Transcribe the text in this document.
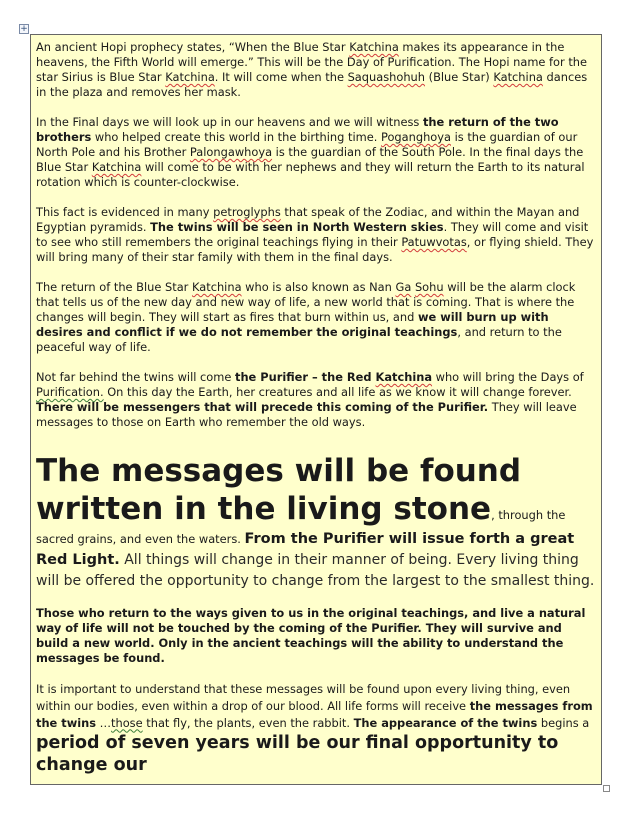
+

An ancient Hopi prophecy states, “When the Blue Star Katchina makes its appearance in the heavens, the Fifth World will emerge.” This will be the Day of Purification. The Hopi name for the star Sirius is Blue Star Katchina. It will come when the Saquashohuh (Blue Star) Katchina dances in the plaza and removes her mask.

In the Final days we will look up in our heavens and we will witness the return of the two brothers who helped create this world in the birthing time. Poganghoya is the guardian of our North Pole and his Brother Palongawhoya is the guardian of the South Pole. In the final days the Blue Star Katchina will come to be with her nephews and they will return the Earth to its natural rotation which is counter-clockwise.

This fact is evidenced in many petroglyphs that speak of the Zodiac, and within the Mayan and Egyptian pyramids. The twins will be seen in North Western skies. They will come and visit to see who still remembers the original teachings flying in their Patuwvotas, or flying shield. They will bring many of their star family with them in the final days.

The return of the Blue Star Katchina who is also known as Nan Ga Sohu will be the alarm clock that tells us of the new day and new way of life, a new world that is coming. That is where the changes will begin. They will start as fires that burn within us, and we will burn up with desires and conflict if we do not remember the original teachings, and return to the peaceful way of life.

Not far behind the twins will come the Purifier – the Red Katchina who will bring the Days of Purification. On this day the Earth, her creatures and all life as we know it will change forever. There will be messengers that will precede this coming of the Purifier. They will leave messages to those on Earth who remember the old ways.

The messages will be found written in the living stone, through the sacred grains, and even the waters. From the Purifier will issue forth a great Red Light. All things will change in their manner of being. Every living thing will be offered the opportunity to change from the largest to the smallest thing.

Those who return to the ways given to us in the original teachings, and live a natural way of life will not be touched by the coming of the Purifier. They will survive and build a new world. Only in the ancient teachings will the ability to understand the messages be found.

It is important to understand that these messages will be found upon every living thing, even within our bodies, even within a drop of our blood. All life forms will receive the messages from the twins …those that fly, the plants, even the rabbit. The appearance of the twins begins a period of seven years will be our final opportunity to change our
